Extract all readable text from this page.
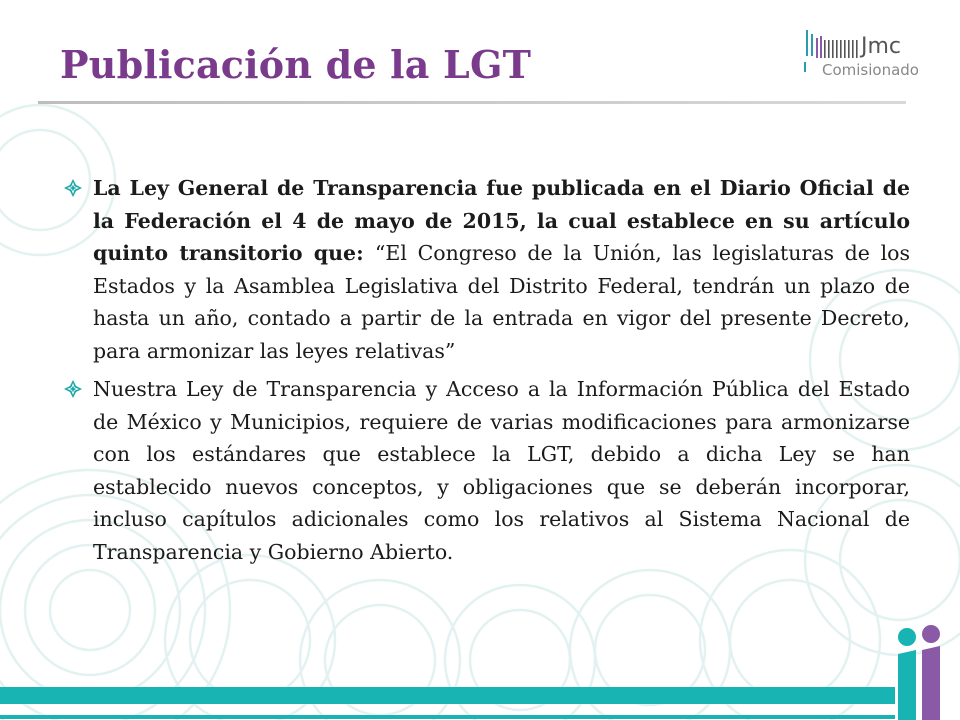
Publicación de la LGT	Jmc
Comisionado

La Ley General de Transparencia fue publicada en el Diario Oficial de la Federación el 4 de mayo de 2015, la cual establece en su artículo quinto transitorio que: “El Congreso de la Unión, las legislaturas de los Estados y la Asamblea Legislativa del Distrito Federal, tendrán un plazo de hasta un año, contado a partir de la entrada en vigor del presente Decreto, para armonizar las leyes relativas”

Nuestra Ley de Transparencia y Acceso a la Información Pública del Estado de México y Municipios, requiere de varias modificaciones para armonizarse con los estándares que establece la LGT, debido a dicha Ley se han establecido nuevos conceptos, y obligaciones que se deberán incorporar, incluso capítulos adicionales como los relativos al Sistema Nacional de Transparencia y Gobierno Abierto.
